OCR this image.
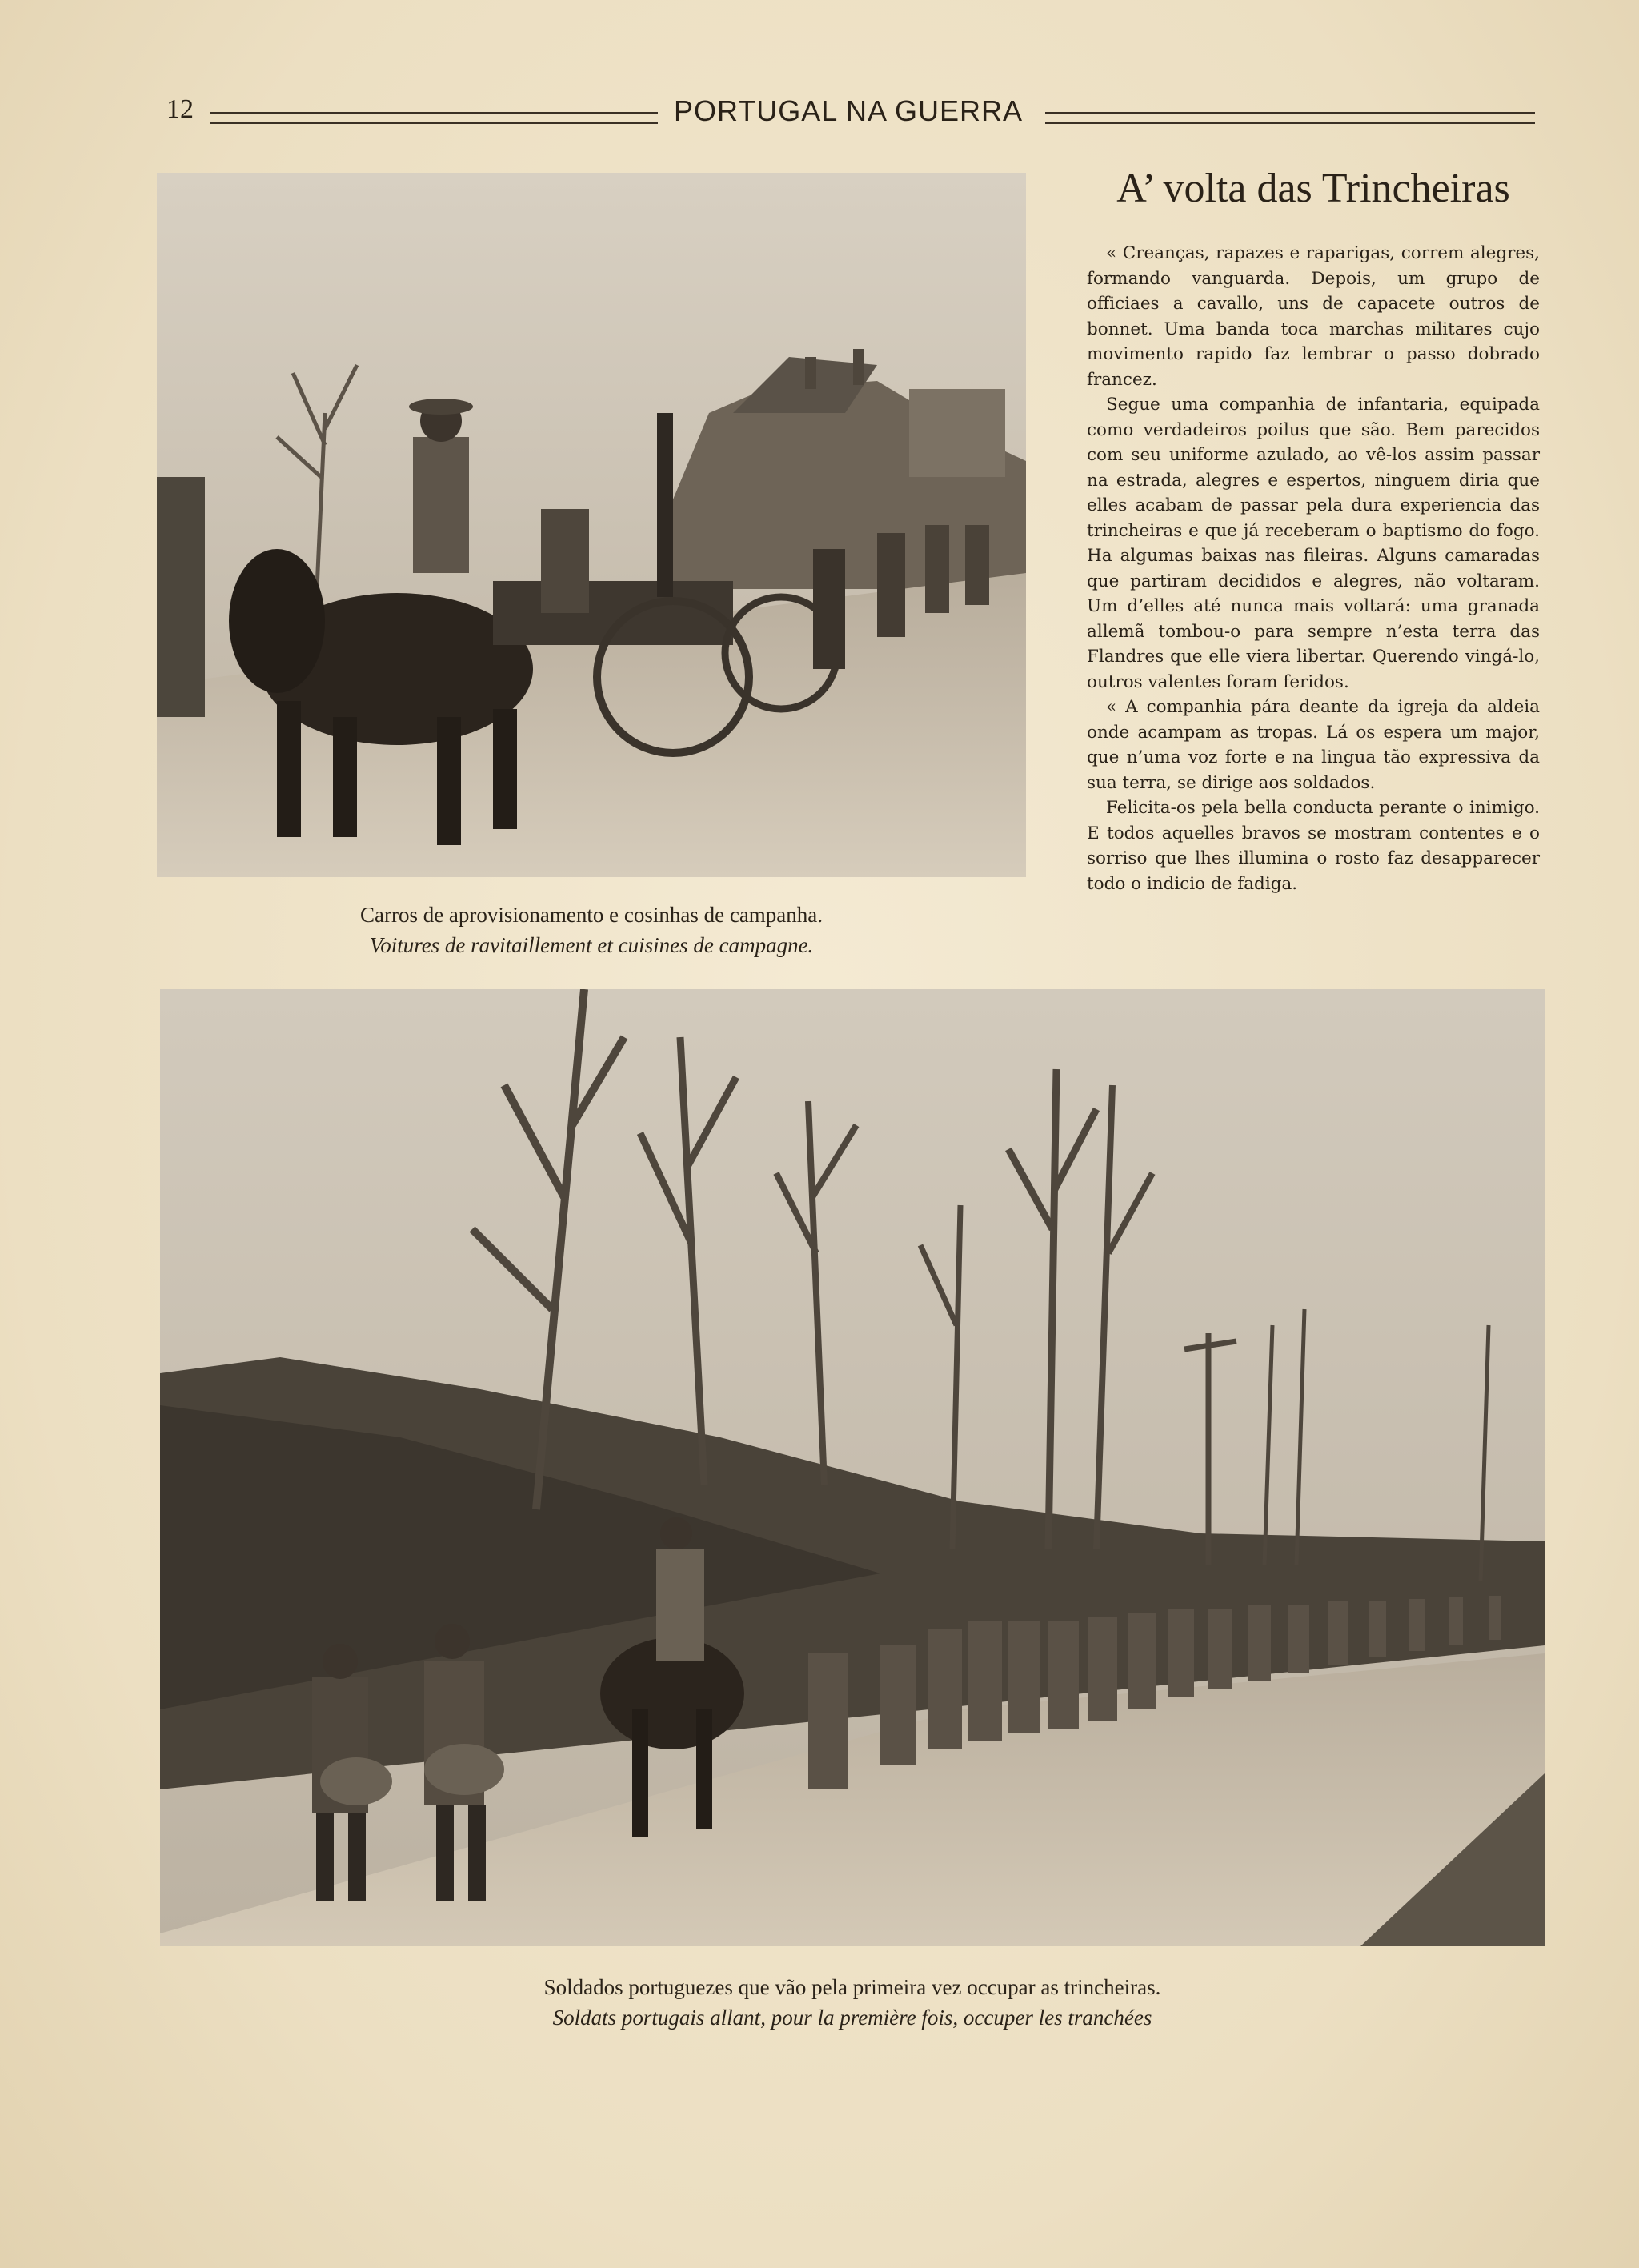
12	PORTUGAL NA GUERRA
Carros de aprovisionamento e cosinhas de campanha.
Voitures de ravitaillement et cuisines de campagne.
A’ volta das Trincheiras

« Creanças, rapazes e raparigas, correm alegres, formando vanguarda. Depois, um grupo de officiaes a cavallo, uns de capacete outros de bonnet. Uma banda toca marchas militares cujo movimento rapido faz lembrar o passo dobrado francez.

Segue uma companhia de infantaria, equipada como verdadeiros poilus que são. Bem parecidos com seu uniforme azulado, ao vê-los assim passar na estrada, alegres e espertos, ninguem diria que elles acabam de passar pela dura experiencia das trincheiras e que já receberam o baptismo do fogo. Ha algumas baixas nas fileiras. Alguns camaradas que partiram decididos e alegres, não voltaram. Um d’elles até nunca mais voltará: uma granada allemã tombou-o para sempre n’esta terra das Flandres que elle viera libertar. Querendo vingá-lo, outros valentes foram feridos.

« A companhia pára deante da igreja da aldeia onde acampam as tropas. Lá os espera um major, que n’uma voz forte e na lingua tão expressiva da sua terra, se dirige aos soldados.

Felicita-os pela bella conducta perante o inimigo. E todos aquelles bravos se mostram contentes e o sorriso que lhes illumina o rosto faz desapparecer todo o indicio de fadiga.

Soldados portuguezes que vão pela primeira vez occupar as trincheiras.
Soldats portugais allant, pour la première fois, occuper les tranchées
